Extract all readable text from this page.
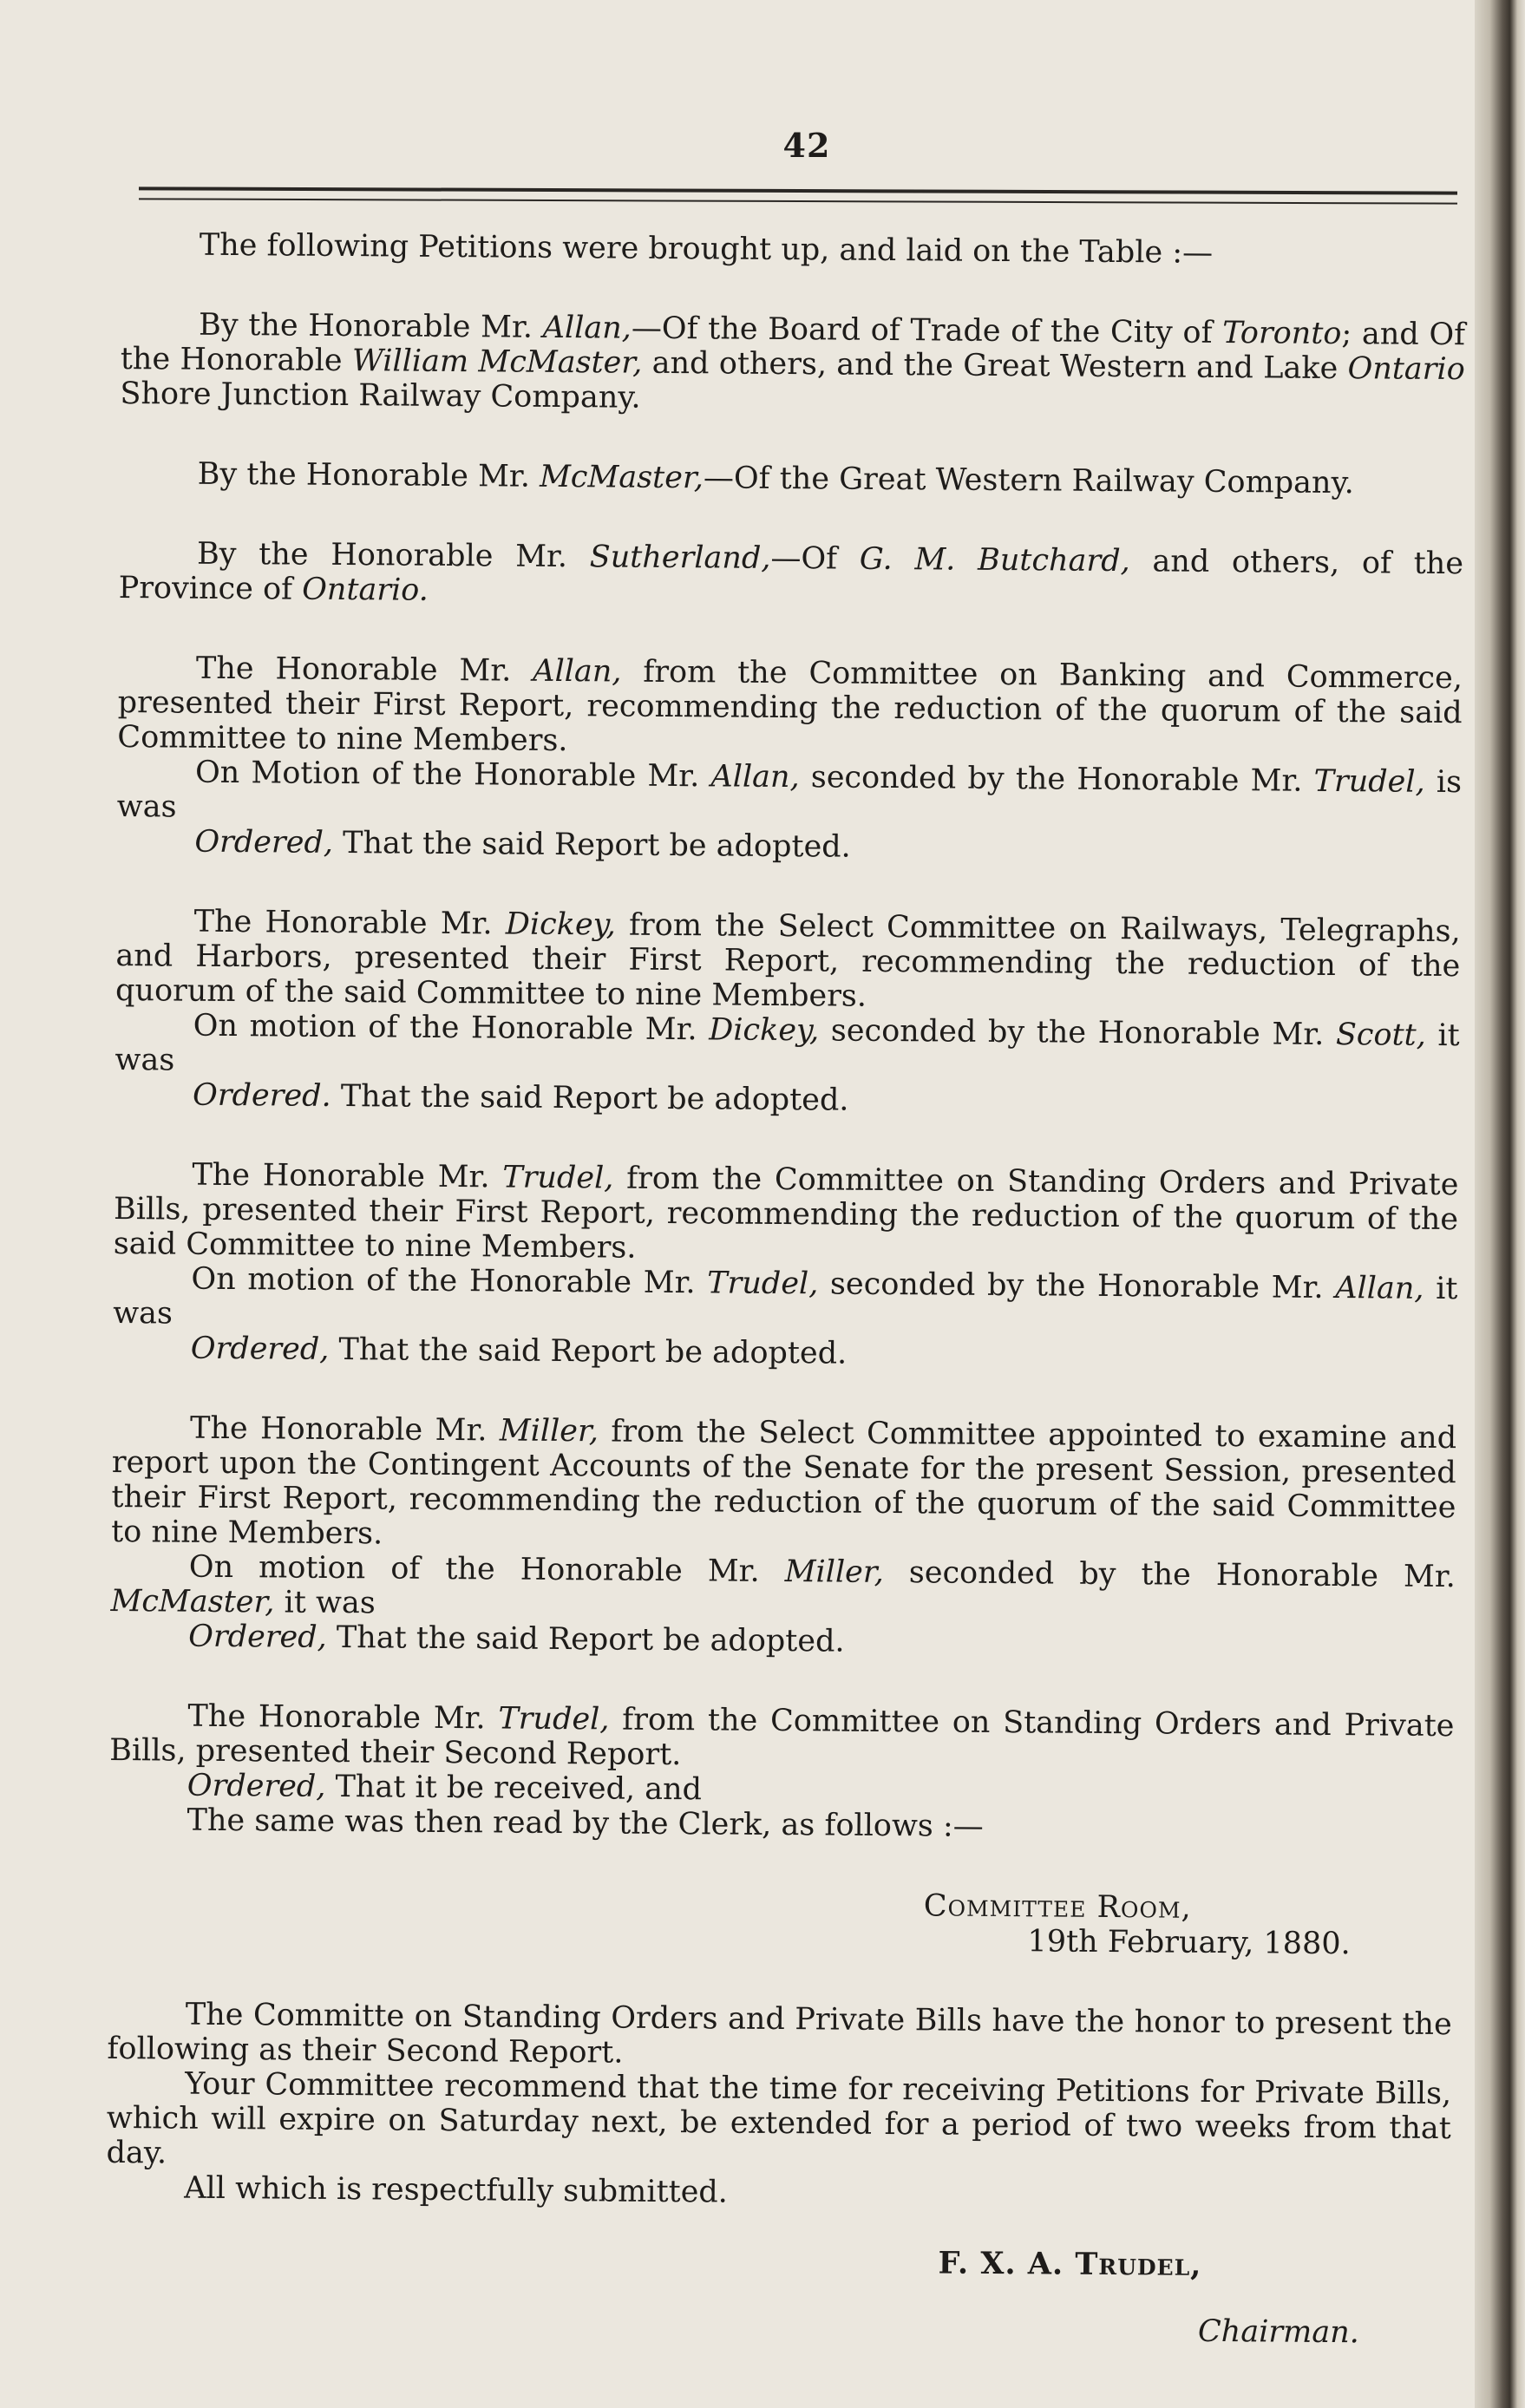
42

The following Petitions were brought up, and laid on the Table :—

By the Honorable Mr. Allan,—Of the Board of Trade of the City of Toronto; and Of the Honorable William McMaster, and others, and the Great Western and Lake Ontario Shore Junction Railway Company.

By the Honorable Mr. McMaster,—Of the Great Western Railway Company.

By the Honorable Mr. Sutherland,—Of G. M. Butchard, and others, of the Province of Ontario.

The Honorable Mr. Allan, from the Committee on Banking and Commerce, presented their First Report, recommending the reduction of the quorum of the said Committee to nine Members.

On Motion of the Honorable Mr. Allan, seconded by the Honorable Mr. Trudel, is was

Ordered, That the said Report be adopted.

The Honorable Mr. Dickey, from the Select Committee on Railways, Telegraphs, and Harbors, presented their First Report, recommending the reduction of the quorum of the said Committee to nine Members.

On motion of the Honorable Mr. Dickey, seconded by the Honorable Mr. Scott, it was

Ordered. That the said Report be adopted.

The Honorable Mr. Trudel, from the Committee on Standing Orders and Private Bills, presented their First Report, recommending the reduction of the quorum of the said Committee to nine Members.

On motion of the Honorable Mr. Trudel, seconded by the Honorable Mr. Allan, it was

Ordered, That the said Report be adopted.

The Honorable Mr. Miller, from the Select Committee appointed to examine and report upon the Contingent Accounts of the Senate for the present Session, presented their First Report, recommending the reduction of the quorum of the said Committee to nine Members.

On motion of the Honorable Mr. Miller, seconded by the Honorable Mr. McMaster, it was

Ordered, That the said Report be adopted.

The Honorable Mr. Trudel, from the Committee on Standing Orders and Private Bills, presented their Second Report.

Ordered, That it be received, and

The same was then read by the Clerk, as follows :—

Committee Room,

19th February, 1880.

The Committe on Standing Orders and Private Bills have the honor to present the following as their Second Report.

Your Committee recommend that the time for receiving Petitions for Private Bills, which will expire on Saturday next, be extended for a period of two weeks from that day.

All which is respectfully submitted.

F. X. A. Trudel,

Chairman.
